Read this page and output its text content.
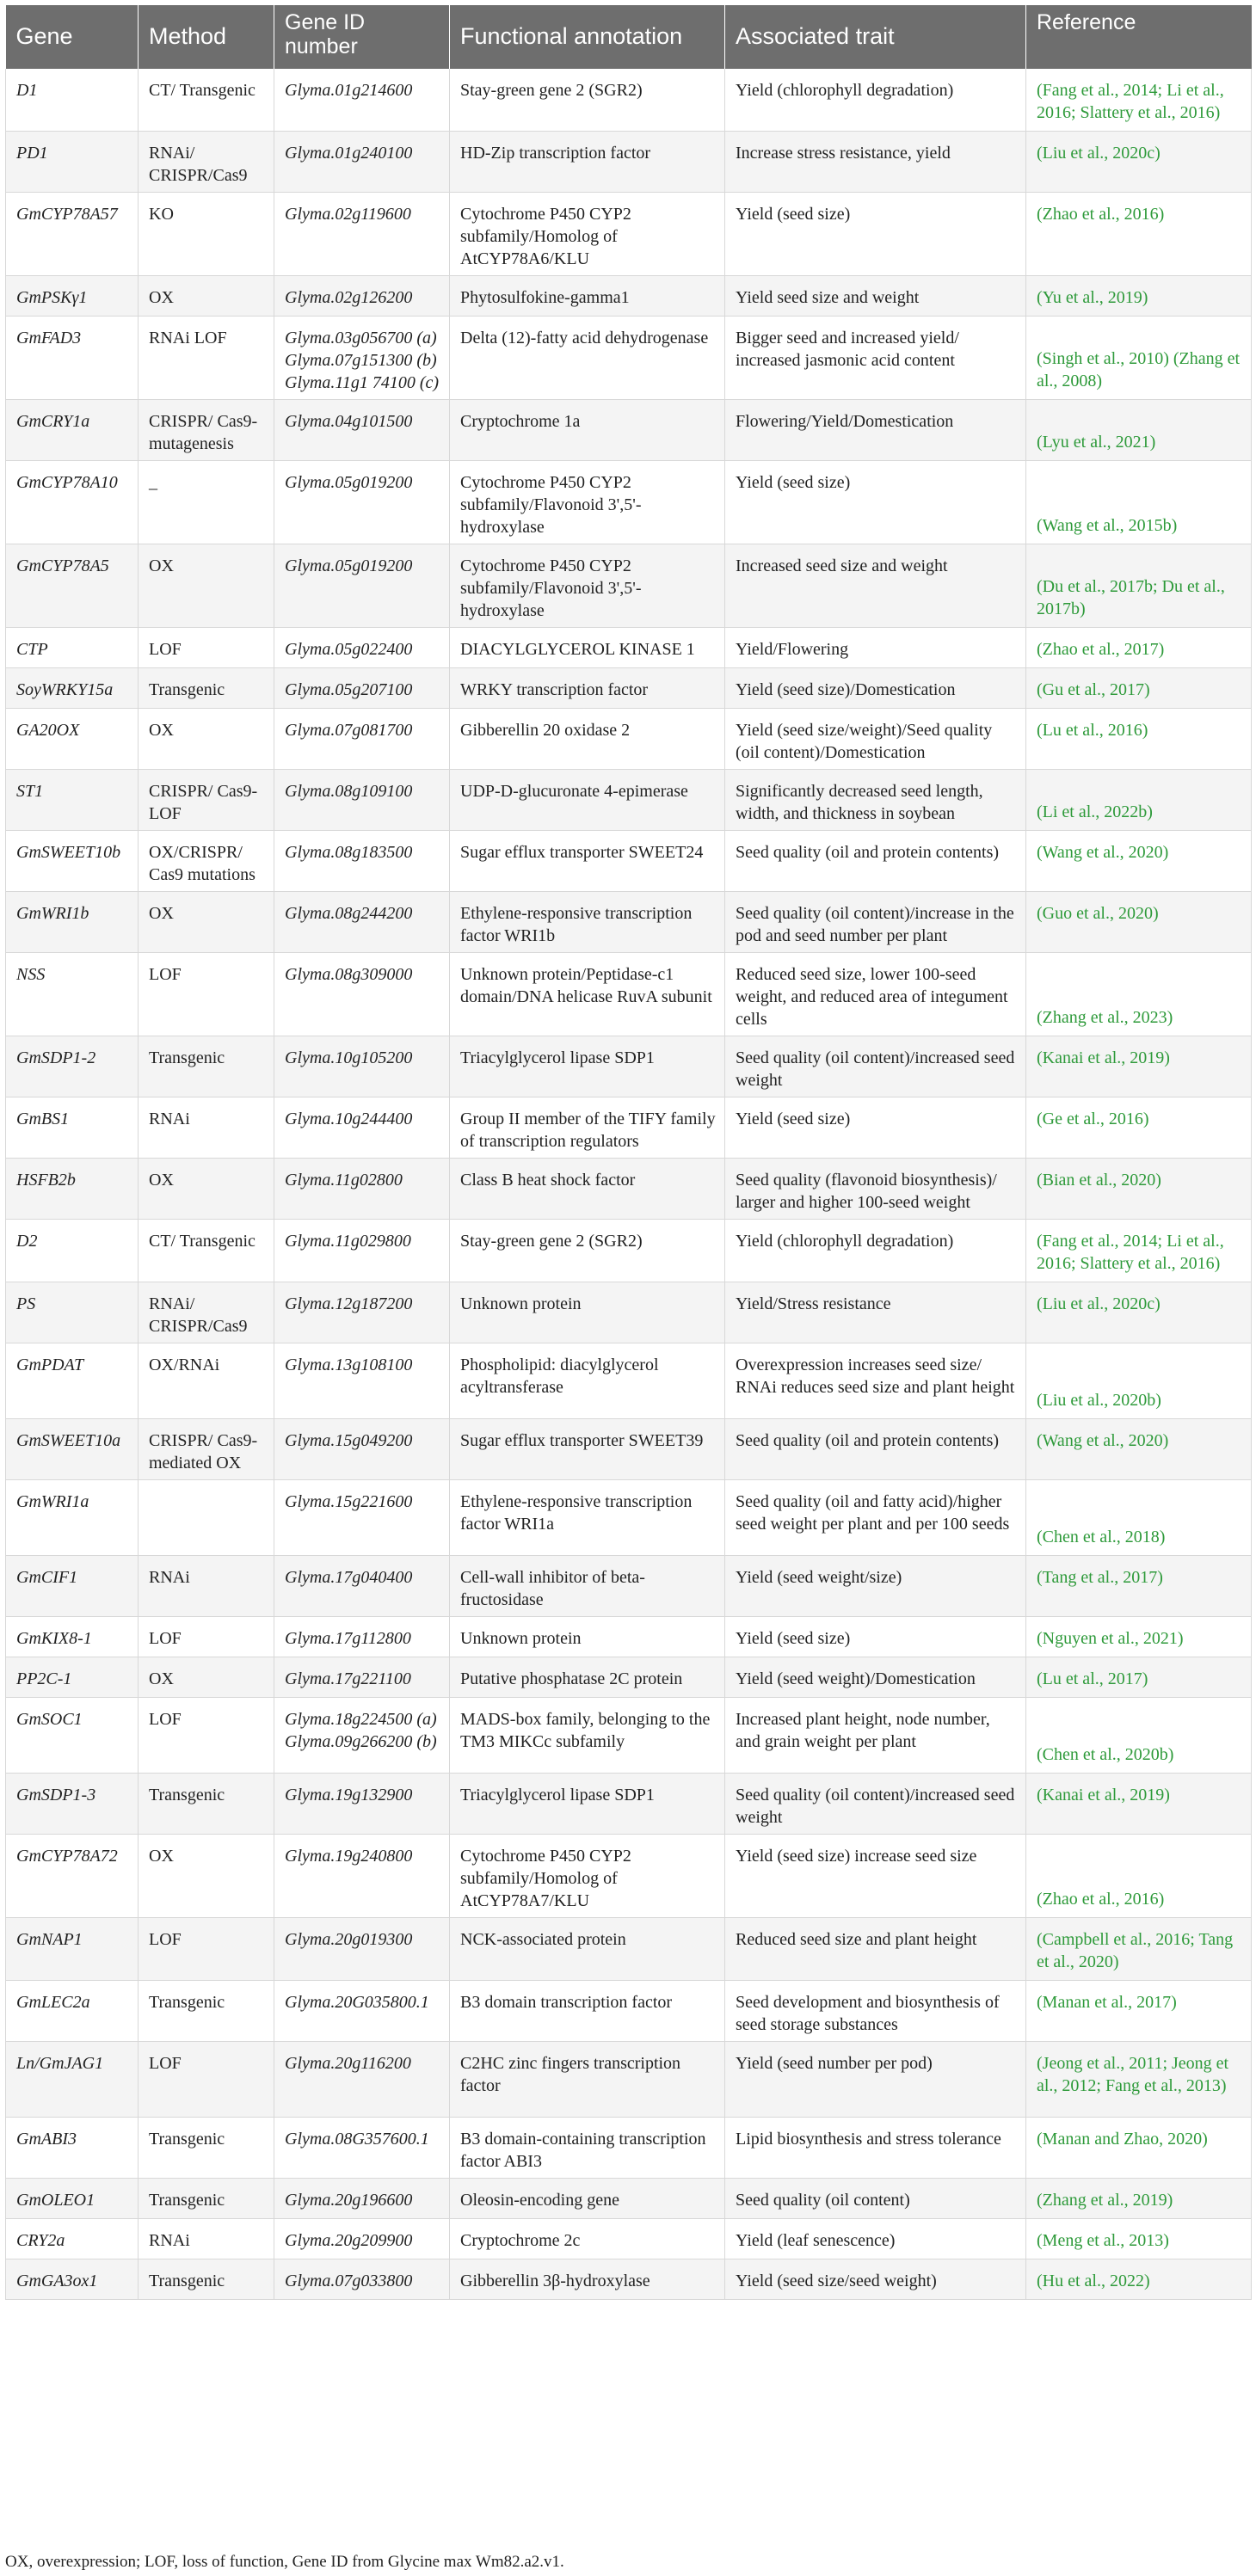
Gene	Method	Gene ID number	Functional annotation	Associated trait	Reference
D1	CT/ Transgenic	Glyma.01g214600	Stay-green gene 2 (SGR2)	Yield (chlorophyll degradation)	(Fang et al., 2014; Li et al., 2016; Slattery et al., 2016)
PD1	RNAi/ CRISPR/Cas9	Glyma.01g240100	HD-Zip transcription factor	Increase stress resistance, yield	(Liu et al., 2020c)
GmCYP78A57	KO	Glyma.02g119600	Cytochrome P450 CYP2 subfamily/Homolog of AtCYP78A6/KLU	Yield (seed size)	(Zhao et al., 2016)
GmPSKγ1	OX	Glyma.02g126200	Phytosulfokine-gamma1	Yield seed size and weight	(Yu et al., 2019)
GmFAD3	RNAi LOF	Glyma.03g056700 (a) Glyma.07g151300 (b) Glyma.11g1 74100 (c)	Delta (12)-fatty acid dehydrogenase	Bigger seed and increased yield/ increased jasmonic acid content	(Singh et al., 2010) (Zhang et al., 2008)
GmCRY1a	CRISPR/ Cas9-mutagenesis	Glyma.04g101500	Cryptochrome 1a	Flowering/Yield/Domestication	(Lyu et al., 2021)
GmCYP78A10	_	Glyma.05g019200	Cytochrome P450 CYP2 subfamily/Flavonoid 3',5'-hydroxylase	Yield (seed size)	(Wang et al., 2015b)
GmCYP78A5	OX	Glyma.05g019200	Cytochrome P450 CYP2 subfamily/Flavonoid 3',5'-hydroxylase	Increased seed size and weight	(Du et al., 2017b; Du et al., 2017b)
CTP	LOF	Glyma.05g022400	DIACYLGLYCEROL KINASE 1	Yield/Flowering	(Zhao et al., 2017)
SoyWRKY15a	Transgenic	Glyma.05g207100	WRKY transcription factor	Yield (seed size)/Domestication	(Gu et al., 2017)
GA20OX	OX	Glyma.07g081700	Gibberellin 20 oxidase 2	Yield (seed size/weight)/Seed quality (oil content)/Domestication	(Lu et al., 2016)
ST1	CRISPR/ Cas9-LOF	Glyma.08g109100	UDP-D-glucuronate 4-epimerase	Significantly decreased seed length, width, and thickness in soybean	(Li et al., 2022b)
GmSWEET10b	OX/CRISPR/ Cas9 mutations	Glyma.08g183500	Sugar efflux transporter SWEET24	Seed quality (oil and protein contents)	(Wang et al., 2020)
GmWRI1b	OX	Glyma.08g244200	Ethylene-responsive transcription factor WRI1b	Seed quality (oil content)/increase in the pod and seed number per plant	(Guo et al., 2020)
NSS	LOF	Glyma.08g309000	Unknown protein/Peptidase-c1 domain/DNA helicase RuvA subunit	Reduced seed size, lower 100-seed weight, and reduced area of integument cells	(Zhang et al., 2023)
GmSDP1-2	Transgenic	Glyma.10g105200	Triacylglycerol lipase SDP1	Seed quality (oil content)/increased seed weight	(Kanai et al., 2019)
GmBS1	RNAi	Glyma.10g244400	Group II member of the TIFY family of transcription regulators	Yield (seed size)	(Ge et al., 2016)
HSFB2b	OX	Glyma.11g02800	Class B heat shock factor	Seed quality (flavonoid biosynthesis)/ larger and higher 100-seed weight	(Bian et al., 2020)
D2	CT/ Transgenic	Glyma.11g029800	Stay-green gene 2 (SGR2)	Yield (chlorophyll degradation)	(Fang et al., 2014; Li et al., 2016; Slattery et al., 2016)
PS	RNAi/ CRISPR/Cas9	Glyma.12g187200	Unknown protein	Yield/Stress resistance	(Liu et al., 2020c)
GmPDAT	OX/RNAi	Glyma.13g108100	Phospholipid: diacylglycerol acyltransferase	Overexpression increases seed size/ RNAi reduces seed size and plant height	(Liu et al., 2020b)
GmSWEET10a	CRISPR/ Cas9-mediated OX	Glyma.15g049200	Sugar efflux transporter SWEET39	Seed quality (oil and protein contents)	(Wang et al., 2020)
GmWRI1a		Glyma.15g221600	Ethylene-responsive transcription factor WRI1a	Seed quality (oil and fatty acid)/higher seed weight per plant and per 100 seeds	(Chen et al., 2018)
GmCIF1	RNAi	Glyma.17g040400	Cell-wall inhibitor of beta-fructosidase	Yield (seed weight/size)	(Tang et al., 2017)
GmKIX8-1	LOF	Glyma.17g112800	Unknown protein	Yield (seed size)	(Nguyen et al., 2021)
PP2C-1	OX	Glyma.17g221100	Putative phosphatase 2C protein	Yield (seed weight)/Domestication	(Lu et al., 2017)
GmSOC1	LOF	Glyma.18g224500 (a) Glyma.09g266200 (b)	MADS-box family, belonging to the TM3 MIKCc subfamily	Increased plant height, node number, and grain weight per plant	(Chen et al., 2020b)
GmSDP1-3	Transgenic	Glyma.19g132900	Triacylglycerol lipase SDP1	Seed quality (oil content)/increased seed weight	(Kanai et al., 2019)
GmCYP78A72	OX	Glyma.19g240800	Cytochrome P450 CYP2 subfamily/Homolog of AtCYP78A7/KLU	Yield (seed size) increase seed size	(Zhao et al., 2016)
GmNAP1	LOF	Glyma.20g019300	NCK-associated protein	Reduced seed size and plant height	(Campbell et al., 2016; Tang et al., 2020)
GmLEC2a	Transgenic	Glyma.20G035800.1	B3 domain transcription factor	Seed development and biosynthesis of seed storage substances	(Manan et al., 2017)
Ln/GmJAG1	LOF	Glyma.20g116200	C2HC zinc fingers transcription factor	Yield (seed number per pod)	(Jeong et al., 2011; Jeong et al., 2012; Fang et al., 2013)
GmABI3	Transgenic	Glyma.08G357600.1	B3 domain-containing transcription factor ABI3	Lipid biosynthesis and stress tolerance	(Manan and Zhao, 2020)
GmOLEO1	Transgenic	Glyma.20g196600	Oleosin-encoding gene	Seed quality (oil content)	(Zhang et al., 2019)
CRY2a	RNAi	Glyma.20g209900	Cryptochrome 2c	Yield (leaf senescence)	(Meng et al., 2013)
GmGA3ox1	Transgenic	Glyma.07g033800	Gibberellin 3β-hydroxylase	Yield (seed size/seed weight)	(Hu et al., 2022)
OX, overexpression; LOF, loss of function, Gene ID from Glycine max Wm82.a2.v1.
